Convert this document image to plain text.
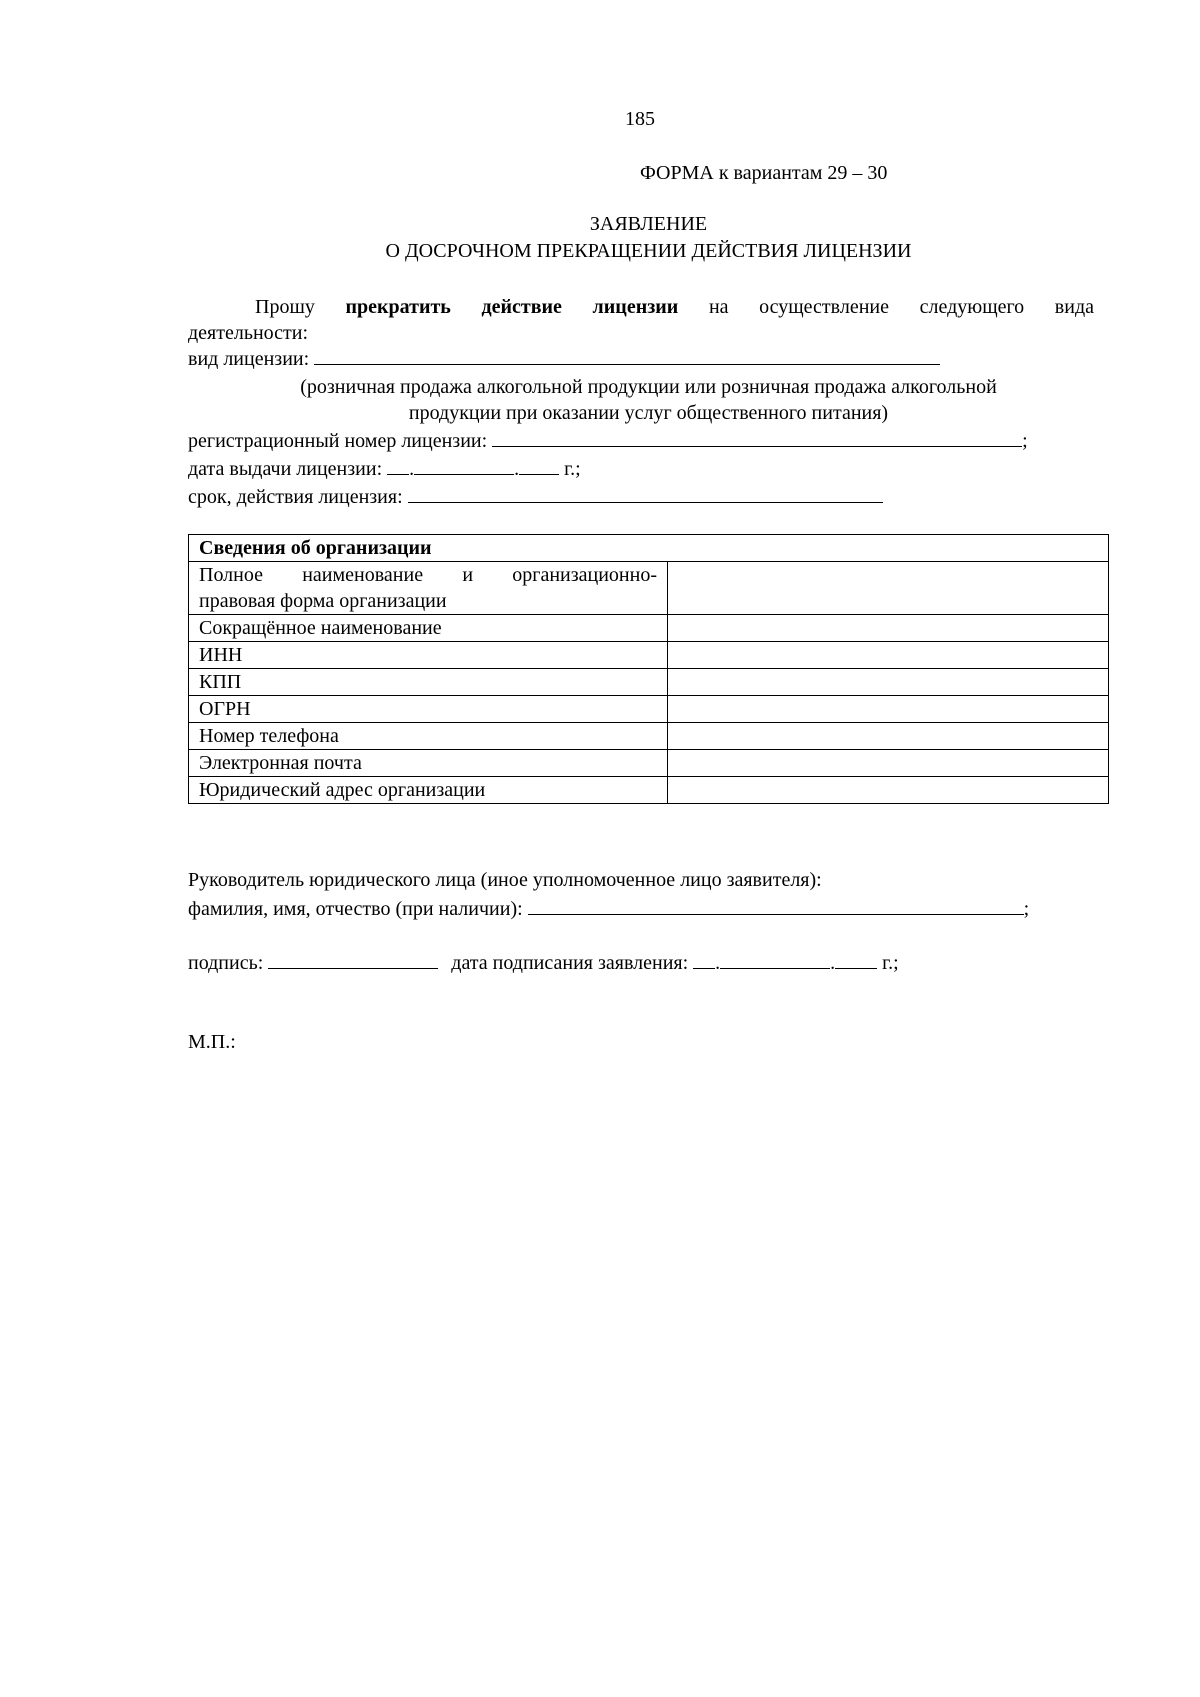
185
ФОРМА к вариантам 29 – 30
ЗАЯВЛЕНИЕ
О ДОСРОЧНОМ ПРЕКРАЩЕНИИ ДЕЙСТВИЯ ЛИЦЕНЗИИ
Прошу прекратить действие лицензии на осуществление следующего вида
деятельности:
вид лицензии:
(розничная продажа алкогольной продукции или розничная продажа алкогольной
продукции при оказании услуг общественного питания)
регистрационный номер лицензии:	;
дата выдачи лицензии: .	. г.;
срок, действия лицензия:
Сведения об организации	

Полное наименование и организационно-
правовая форма организации	

Сокращённое наименование	
ИНН	
КПП	
ОГРН	
Номер телефона	
Электронная почта	
Юридический адрес организации	
Руководитель юридического лица (иное уполномоченное лицо заявителя):
фамилия, имя, отчество (при наличии):	;
подпись:	дата подписания заявления: .	. г.;
М.П.:
